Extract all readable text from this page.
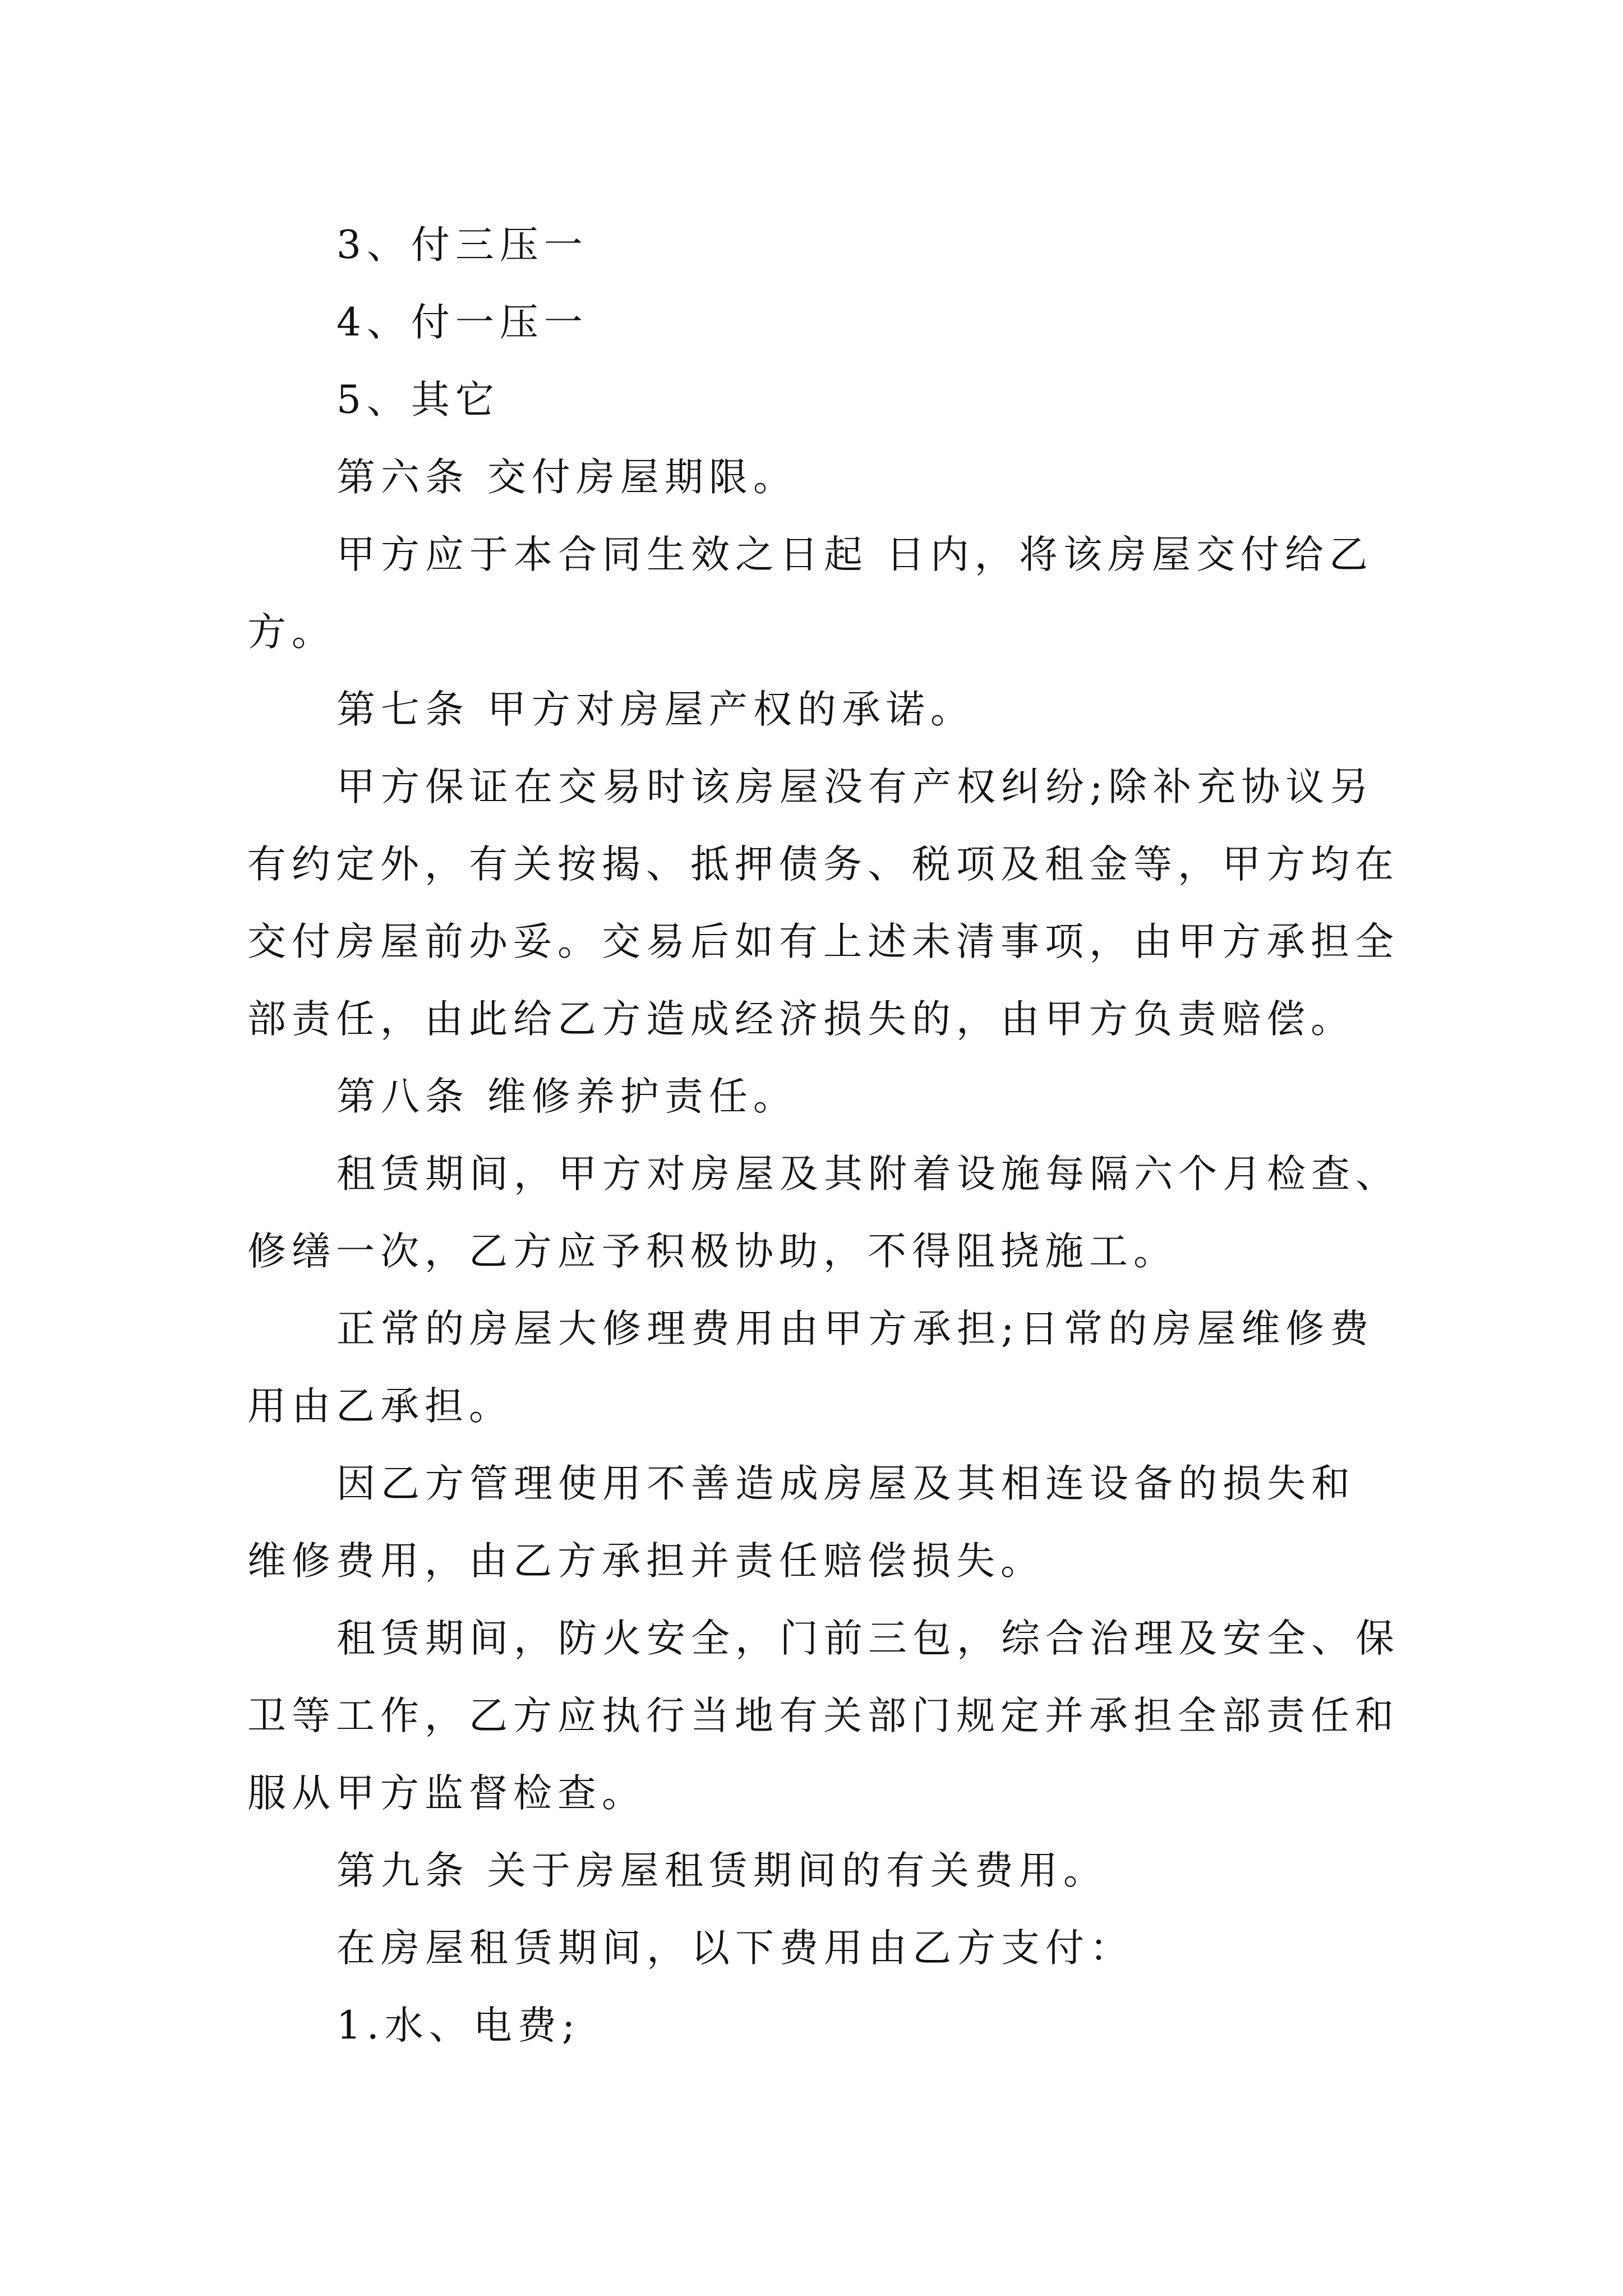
3、付三压一

4、付一压一

5、其它

第六条 交付房屋期限。

甲方应于本合同生效之日起 日内，将该房屋交付给乙

方。

第七条 甲方对房屋产权的承诺。

甲方保证在交易时该房屋没有产权纠纷;除补充协议另

有约定外，有关按揭、抵押债务、税项及租金等，甲方均在

交付房屋前办妥。交易后如有上述未清事项，由甲方承担全

部责任，由此给乙方造成经济损失的，由甲方负责赔偿。

第八条 维修养护责任。

租赁期间，甲方对房屋及其附着设施每隔六个月检查、

修缮一次，乙方应予积极协助，不得阻挠施工。

正常的房屋大修理费用由甲方承担;日常的房屋维修费

用由乙承担。

因乙方管理使用不善造成房屋及其相连设备的损失和

维修费用，由乙方承担并责任赔偿损失。

租赁期间，防火安全，门前三包，综合治理及安全、保

卫等工作，乙方应执行当地有关部门规定并承担全部责任和

服从甲方监督检查。

第九条 关于房屋租赁期间的有关费用。

在房屋租赁期间，以下费用由乙方支付：

1.水、电费;
